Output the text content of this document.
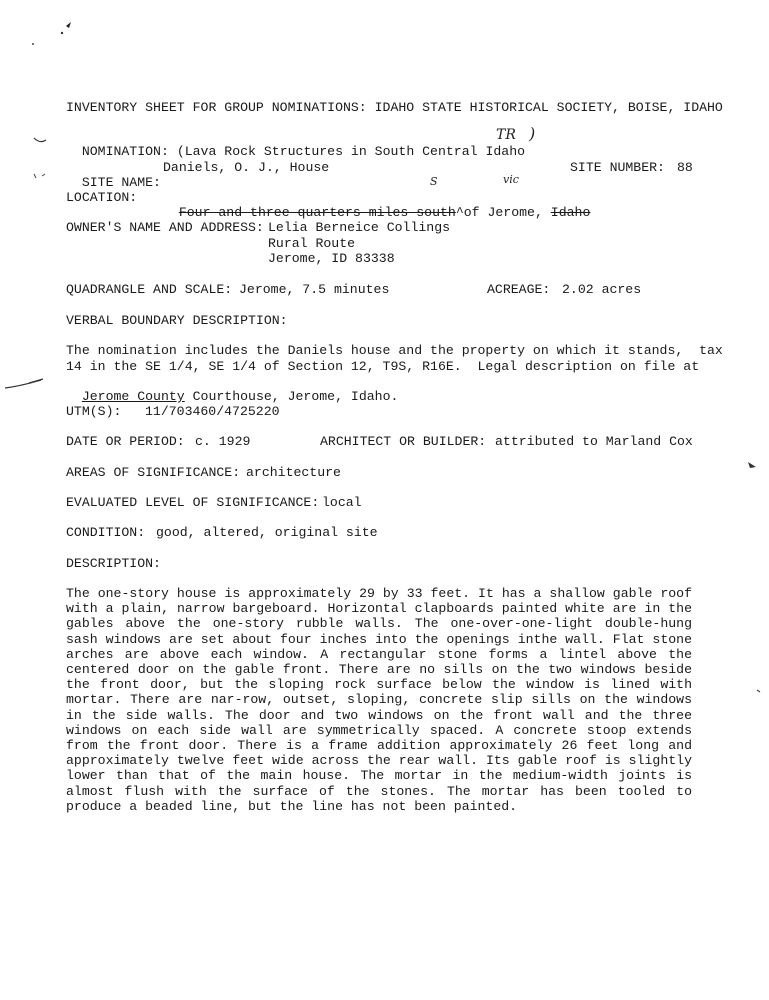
INVENTORY SHEET FOR GROUP NOMINATIONS: IDAHO STATE HISTORICAL SOCIETY, BOISE, IDAHO

NOMINATION: (Lava Rock Structures in South Central Idaho

TR )

SITE NAME:

Daniels, O. J., House	SITE NUMBER: 88
S	vic
LOCATION:

Four and three-quarters miles south^of Jerome, Idaho

OWNER'S NAME AND ADDRESS: Lelia Berneice Collings
Rural Route
Jerome, ID 83338
QUADRANGLE AND SCALE: Jerome, 7.5 minutes	ACREAGE: 2.02 acres
VERBAL BOUNDARY DESCRIPTION:
The nomination includes the Daniels house and the property on which it stands,  tax
14 in the SE 1/4, SE 1/4 of Section 12, T9S, R16E.  Legal description on file at

Jerome County Courthouse, Jerome, Idaho.

UTM(S): 11/703460/4725220
DATE OR PERIOD: c. 1929	ARCHITECT OR BUILDER: attributed to Marland Cox
AREAS OF SIGNIFICANCE: architecture
EVALUATED LEVEL OF SIGNIFICANCE: local
CONDITION: good, altered, original site
DESCRIPTION:

The one-story house is approximately 29 by 33 feet. It has a shallow gable roof with a plain, narrow bargeboard. Horizontal clapboards painted white are in the gables above the one-story rubble walls. The one-over-one-light double-hung sash windows are set about four inches into the openings inthe wall. Flat stone arches are above each window. A rectangular stone forms a lintel above the centered door on the gable front. There are no sills on the two windows beside the front door, but the sloping rock surface below the window is lined with mortar. There are nar-row, outset, sloping, concrete slip sills on the windows in the side walls. The door and two windows on the front wall and the three windows on each side wall are symmetrically spaced. A concrete stoop extends from the front door. There is a frame addition approximately 26 feet long and approximately twelve feet wide across the rear wall. Its gable roof is slightly lower than that of the main house. The mortar in the medium-width joints is almost flush with the surface of the stones. The mortar has been tooled to produce a beaded line, but the line has not been painted.
